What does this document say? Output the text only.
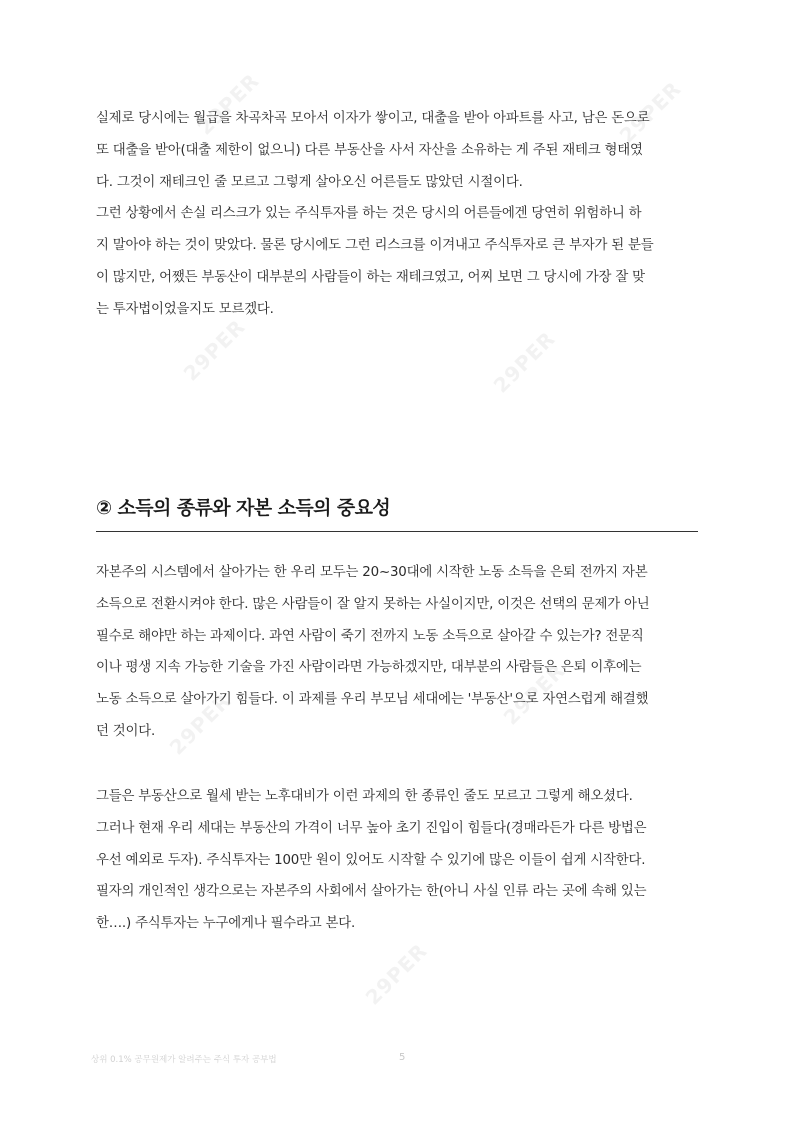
29PER	29PER
29PER	29PER
29PER	29PER
29PER
실제로 당시에는 월급을 차곡차곡 모아서 이자가 쌓이고, 대출을 받아 아파트를 사고, 남은 돈으로
또 대출을 받아(대출 제한이 없으니) 다른 부동산을 사서 자산을 소유하는 게 주된 재테크 형태였
다. 그것이 재테크인 줄 모르고 그렇게 살아오신 어른들도 많았던 시절이다.
그런 상황에서 손실 리스크가 있는 주식투자를 하는 것은 당시의 어른들에겐 당연히 위험하니 하
지 말아야 하는 것이 맞았다. 물론 당시에도 그런 리스크를 이겨내고 주식투자로 큰 부자가 된 분들
이 많지만, 어쨌든 부동산이 대부분의 사람들이 하는 재테크였고, 어찌 보면 그 당시에 가장 잘 맞
는 투자법이었을지도 모르겠다.
② 소득의 종류와 자본 소득의 중요성
자본주의 시스템에서 살아가는 한 우리 모두는 20~30대에 시작한 노동 소득을 은퇴 전까지 자본
소득으로 전환시켜야 한다. 많은 사람들이 잘 알지 못하는 사실이지만, 이것은 선택의 문제가 아닌
필수로 해야만 하는 과제이다. 과연 사람이 죽기 전까지 노동 소득으로 살아갈 수 있는가? 전문직
이나 평생 지속 가능한 기술을 가진 사람이라면 가능하겠지만, 대부분의 사람들은 은퇴 이후에는
노동 소득으로 살아가기 힘들다. 이 과제를 우리 부모님 세대에는 '부동산'으로 자연스럽게 해결했
던 것이다.
그들은 부동산으로 월세 받는 노후대비가 이런 과제의 한 종류인 줄도 모르고 그렇게 해오셨다.
그러나 현재 우리 세대는 부동산의 가격이 너무 높아 초기 진입이 힘들다(경매라든가 다른 방법은
우선 예외로 두자). 주식투자는 100만 원이 있어도 시작할 수 있기에 많은 이들이 쉽게 시작한다.
필자의 개인적인 생각으로는 자본주의 사회에서 살아가는 한(아니 사실 인류 라는 곳에 속해 있는
한….) 주식투자는 누구에게나 필수라고 본다.
상위 0.1% 공무원제가 알려주는 주식 투자 공부법	5
